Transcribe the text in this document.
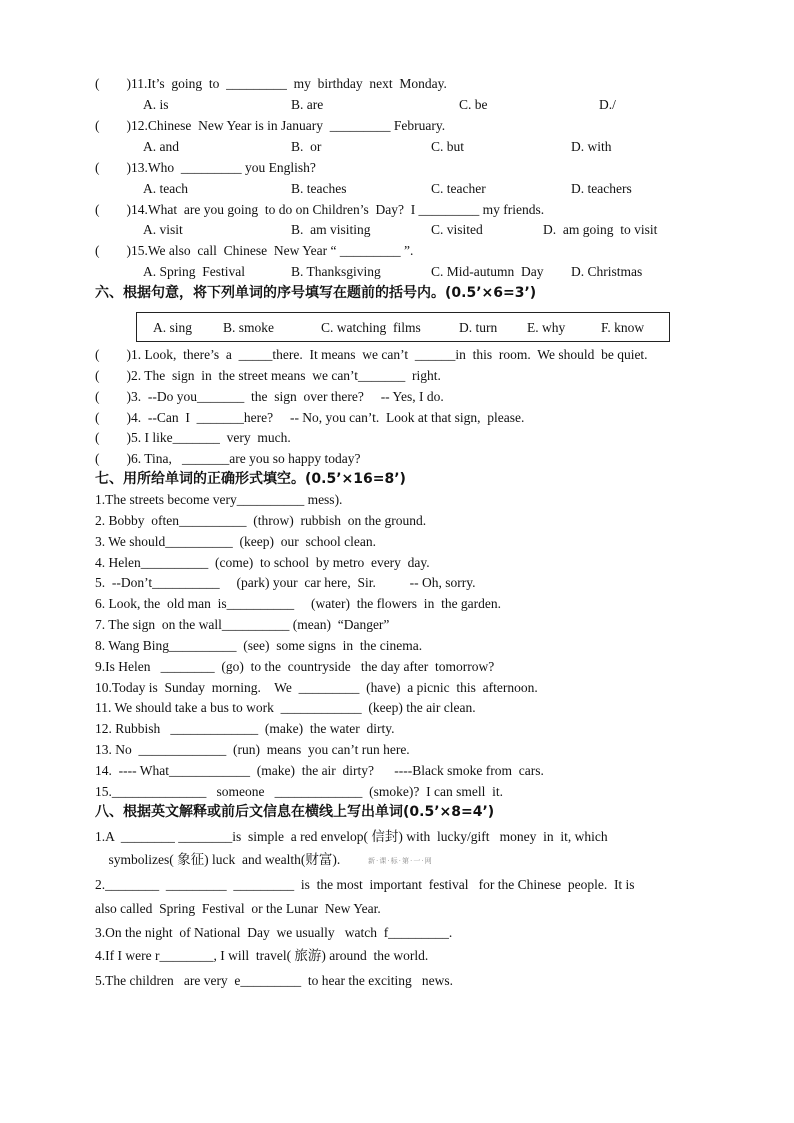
(        )11.It’s  going  to  _________  my  birthday  next  Monday.
A. is	B. are	C. be	D./
(        )12.Chinese  New Year is in January  _________ February.
A. and	B.  or	C. but	D. with
(        )13.Who  _________ you English?
A. teach	B. teaches	C. teacher	D. teachers
(        )14.What  are you going  to do on Children’s  Day?  I _________ my friends.
A. visit	B.  am visiting	C. visited	D.  am going  to visit
(        )15.We also  call  Chinese  New Year “ _________ ”.
A. Spring  Festival	B. Thanksgiving	C. Mid-autumn  Day D. Christmas
六、根据句意，将下列单词的序号填写在题前的括号内。(0.5’×6=3’)
A. sing B. smoke	C. watching  films	D. turn E. why	F. know
(        )1. Look,  there’s  a  _____there.  It means  we can’t  ______in  this  room.  We should  be quiet.
(        )2. The  sign  in  the street means  we can’t_______  right.
(        )3.  --Do you_______  the  sign  over there?     -- Yes, I do.
(        )4.  --Can  I  _______here?     -- No, you can’t.  Look at that sign,  please.
(        )5. I like_______  very  much.
(        )6. Tina,   _______are you so happy today?
七、用所给单词的正确形式填空。(0.5’×16=8’)
1.The streets become very__________ mess).
2. Bobby  often__________  (throw)  rubbish  on the ground.
3. We should__________  (keep)  our  school clean.
4. Helen__________  (come)  to school  by metro  every  day.
5.  --Don’t__________     (park) your  car here,  Sir.          -- Oh, sorry.
6. Look, the  old man  is__________     (water)  the flowers  in  the garden.
7. The sign  on the wall__________ (mean)  “Danger”
8. Wang Bing__________  (see)  some signs  in  the cinema.
9.Is Helen   ________  (go)  to the  countryside   the day after  tomorrow?
10.Today is  Sunday  morning.    We  _________  (have)  a picnic  this  afternoon.
11. We should take a bus to work  ____________  (keep) the air clean.
12. Rubbish   _____________  (make)  the water  dirty.
13. No  _____________  (run)  means  you can’t run here.
14.  ---- What____________  (make)  the air  dirty?      ----Black smoke from  cars.
15.______________   someone   _____________  (smoke)?  I can smell  it.
八、根据英文解释或前后文信息在横线上写出单词(0.5’×8=4’)
1.A  ________ ________is  simple  a red envelop( 信封) with  lucky/gift   money  in  it, which
symbolizes( 象征) luck  and wealth(财富).	新·课·标·第·一·网
2.________  _________  _________  is  the most  important  festival   for the Chinese  people.  It is
also called  Spring  Festival  or the Lunar  New Year.
3.On the night  of National  Day  we usually   watch  f_________.
4.If I were r________, I will  travel( 旅游) around  the world.
5.The children   are very  e_________  to hear the exciting   news.
